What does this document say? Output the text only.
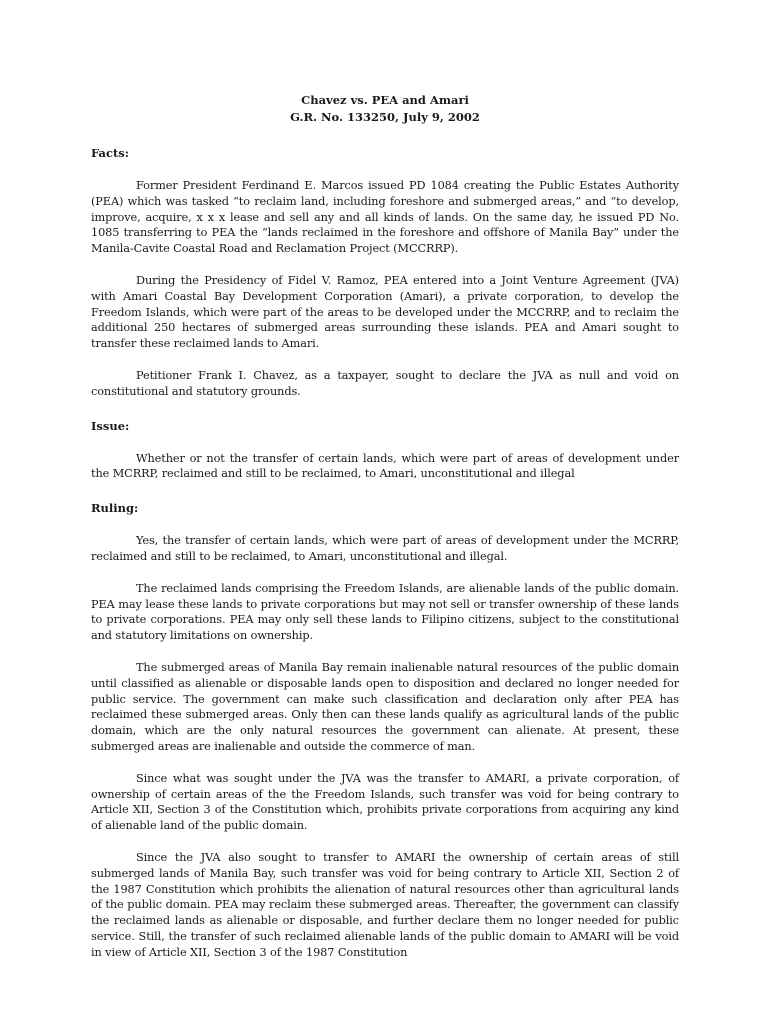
Chavez vs. PEA and Amari
G.R. No. 133250, July 9, 2002
Facts:

Former President Ferdinand E. Marcos issued PD 1084 creating the Public Estates Authority (PEA) which was tasked “to reclaim land, including foreshore and submerged areas,” and “to develop, improve, acquire, x x x lease and sell any and all kinds of lands. On the same day, he issued PD No. 1085 transferring to PEA the “lands reclaimed in the foreshore and offshore of Manila Bay” under the Manila-Cavite Coastal Road and Reclamation Project (MCCRRP).

During the Presidency of Fidel V. Ramoz, PEA entered into a Joint Venture Agreement (JVA) with Amari Coastal Bay Development Corporation (Amari), a private corporation, to develop the Freedom Islands, which were part of the areas to be developed under the MCCRRP, and to reclaim the additional 250 hectares of submerged areas surrounding these islands. PEA and Amari sought to transfer these reclaimed lands to Amari.

Petitioner Frank I. Chavez, as a taxpayer, sought to declare the JVA as null and void on constitutional and statutory grounds.

Issue:

Whether or not the transfer of certain lands, which were part of areas of development under the MCRRP, reclaimed and still to be reclaimed, to Amari, unconstitutional and illegal

Ruling:

Yes, the transfer of certain lands, which were part of areas of development under the MCRRP, reclaimed and still to be reclaimed, to Amari, unconstitutional and illegal.

The reclaimed lands comprising the Freedom Islands, are alienable lands of the public domain. PEA may lease these lands to private corporations but may not sell or transfer ownership of these lands to private corporations. PEA may only sell these lands to Filipino citizens, subject to the constitutional and statutory limitations on ownership.

The submerged areas of Manila Bay remain inalienable natural resources of the public domain until classified as alienable or disposable lands open to disposition and declared no longer needed for public service. The government can make such classification and declaration only after PEA has reclaimed these submerged areas. Only then can these lands qualify as agricultural lands of the public domain, which are the only natural resources the government can alienate. At present, these submerged areas are inalienable and outside the commerce of man.

Since what was sought under the JVA was the transfer to AMARI, a private corporation, of ownership of certain areas of the the Freedom Islands, such transfer was void for being contrary to Article XII, Section 3 of the Constitution which, prohibits private corporations from acquiring any kind of alienable land of the public domain.

Since the JVA also sought to transfer to AMARI the ownership of certain areas of still submerged lands of Manila Bay, such transfer was void for being contrary to Article XII, Section 2 of the 1987 Constitution which prohibits the alienation of natural resources other than agricultural lands of the public domain. PEA may reclaim these submerged areas. Thereafter, the government can classify the reclaimed lands as alienable or disposable, and further declare them no longer needed for public service. Still, the transfer of such reclaimed alienable lands of the public domain to AMARI will be void in view of Article XII, Section 3 of the 1987 Constitution
